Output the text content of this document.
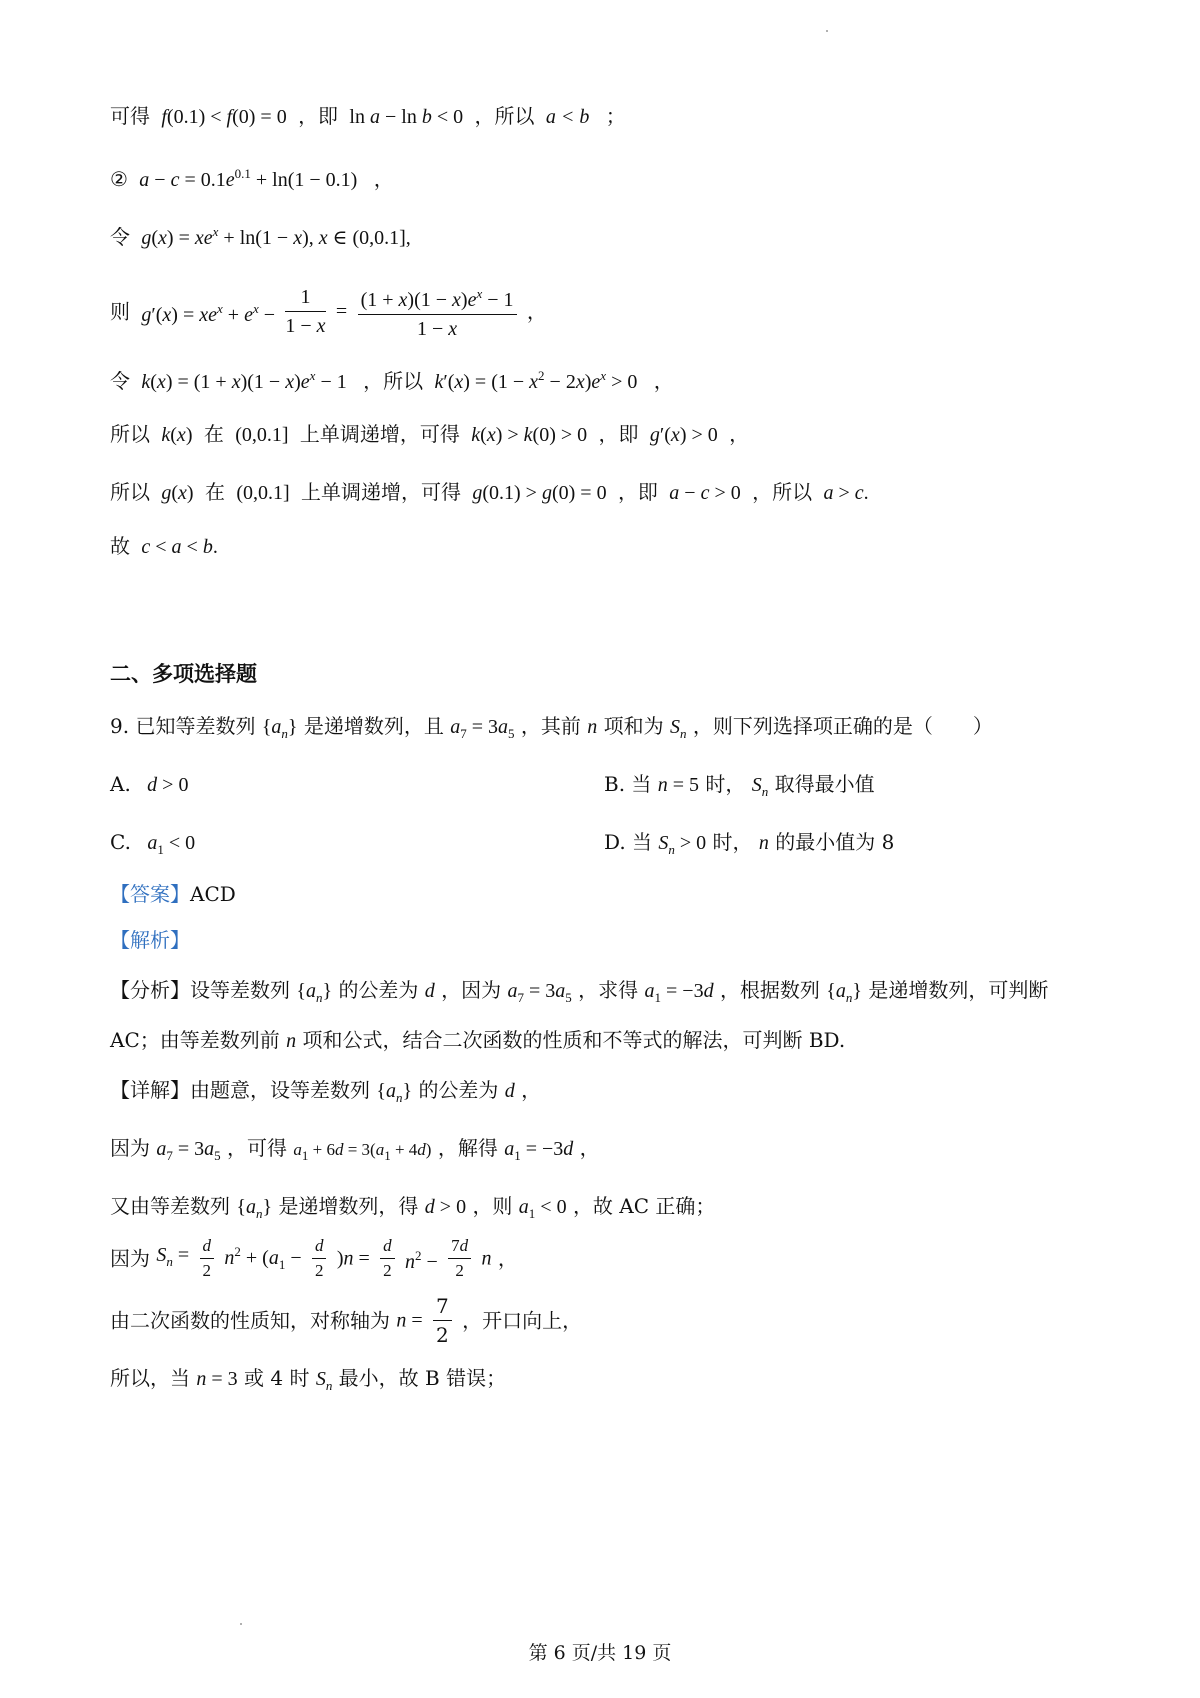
可得  f(0.1) < f(0) = 0  ，即 ln a − ln b < 0  ，所以  a < b   ；
②  $a - c = 0.1e^{0.1} + \ln(1 - 0.1)$   ，
令  $g(x) = xe^x + \ln(1 - x)$, x ∈ (0,0.1],
则  $g'(x) = xe^x + e^x - \frac{1}{1 - x} = \frac{(1 + x)(1 - x)e^x - 1}{1 - x}$ ，
令  $k(x) = (1 + x)(1 - x)e^x - 1$   ，所以  $k'(x) = (1 - x^2 - 2x)e^x > 0$   ，
所以  k(x)  在  (0,0.1]  上单调递增，可得  k(x) > k(0) > 0  ，即  g′(x) > 0  ，
所以  g(x)  在  (0,0.1]  上单调递增，可得  g(0.1) > g(0) = 0  ，即  a − c > 0  ，所以  a > c.
故  c < a < b.
二、多项选择题
9. 已知等差数列 $\{a_n\}$ 是递增数列，且 $a_7 = 3a_5$ ，其前 n 项和为 $S_n$ ，则下列选择项正确的是（　　）
A.   d > 0	B. 当 n = 5 时， $S_n$ 取得最小值
C.   $a_1 < 0$	D. 当 $S_n > 0$ 时， n 的最小值为 8
【答案】ACD
【解析】
【分析】设等差数列 $\{a_n\}$ 的公差为 d ，因为 $a_7 = 3a_5$ ，求得 $a_1 = -3d$ ，根据数列 $\{a_n\}$ 是递增数列，可判断
AC；由等差数列前 n 项和公式，结合二次函数的性质和不等式的解法，可判断 BD.
【详解】由题意，设等差数列 $\{a_n\}$ 的公差为 d ，
因为 $a_7 = 3a_5$ ，可得 $a_1 + 6d = 3(a_1 + 4d)$ ，解得 $a_1 = -3d$ ，
又由等差数列 $\{a_n\}$ 是递增数列，得 d > 0 ，则 $a_1 < 0$ ，故 AC 正确；
因为 $S_n = \frac{d}{2} n^2 + (a_1 - \frac{d}{2} )n = \frac{d}{2} n^2 - \frac{7d}{2}$ n ，
由二次函数的性质知，对称轴为 $n = \frac{7}{2}$ ，开口向上，
所以，当 n = 3 或 4 时 $S_n$ 最小，故 B 错误；
第 6 页/共 19 页
